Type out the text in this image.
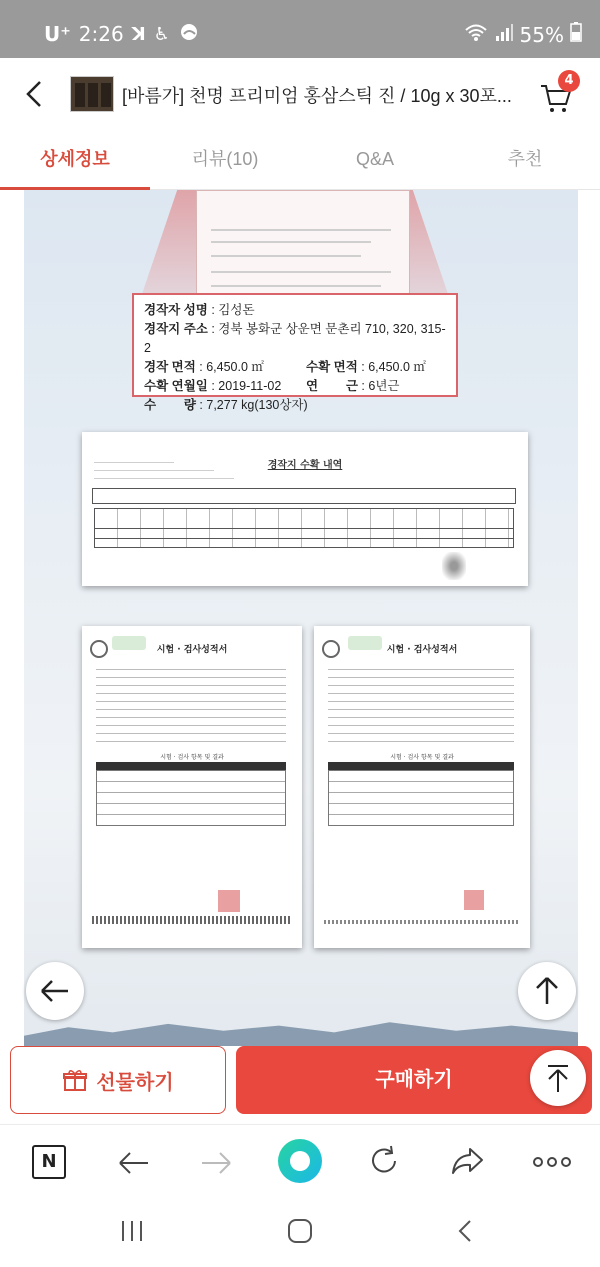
U⁺ 2:26 ꓘ ♿	55%
[바름가] 천명 프리미엄 홍삼스틱 진 / 10g x 30포...
4
상세정보	리뷰(10)	Q&A	추천
경작자 성명 : 김성돈
경작지 주소 : 경북 봉화군 상운면 문촌리 710, 320, 315-2
경작 면적 : 6,450.0 ㎡	수확 면적 : 6,450.0 ㎡
수확 연월일 : 2019-11-02 연        근 : 6년근
수        량 : 7,277 kg(130상자)
경작지 수확 내역
시험 · 검사성적서
시험 · 검사 항목 및 결과
시험 · 검사성적서
시험 · 검사 항목 및 결과
선물하기	구매하기
N
